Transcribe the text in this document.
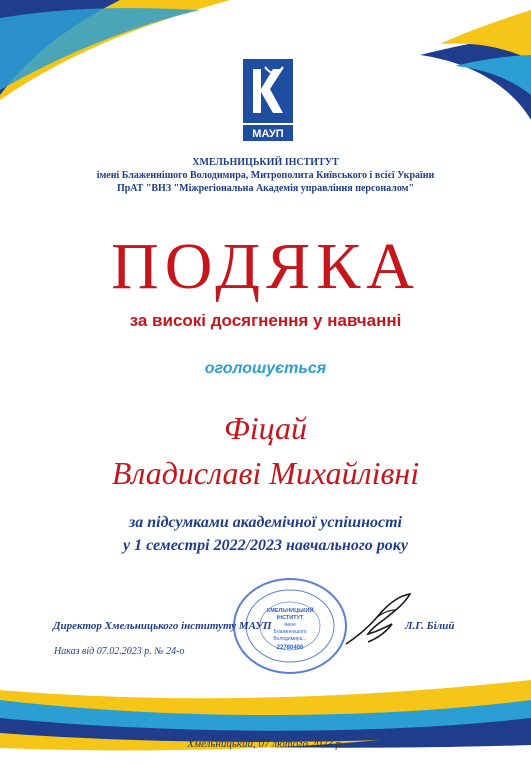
МАУП
ХМЕЛЬНИЦЬКИЙ ІНСТИТУТ
імені Блаженнішого Володимира, Митрополита Київського і всієї України
ПрАТ "ВНЗ "Міжрегіональна Академія управління персоналом"
ПОДЯКА
за високі досягнення у навчанні
оголошується
Фіцай
Владиславі Михайлівні
за підсумками академічної успішності
у 1 семестрі 2022/2023 навчального року
ХМЕЛЬНИЦЬКИЙ
ІНСТИТУТ
імені
Блаженнішого
Володимира...
22780406
Директор Хмельницького інституту МАУП	Л.Г. Білий
Наказ від 07.02.2023 р. № 24-о
Хмельницький, 07 лютого 2023 р.
